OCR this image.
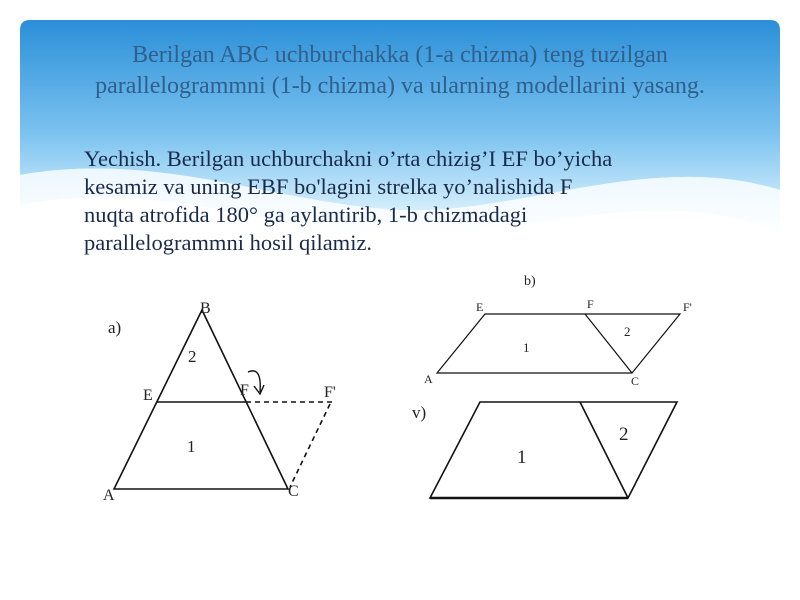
Berilgan ABC uchburchakka (1-a chizma) teng tuzilgan
parallelogrammni (1-b chizma) va ularning modellarini yasang.
Yechish. Berilgan uchburchakni o’rta chizig’I EF bo’yicha
kesamiz va uning EBF bo'lagini strelka yo’nalishida F
nuqta atrofida 180° ga aylantirib, 1-b chizmadagi
parallelogrammni hosil qilamiz.
a)
B
E	F	F'
A	C
2
1
b)
E	F	F'
A	C
1
2
v)
1
2
